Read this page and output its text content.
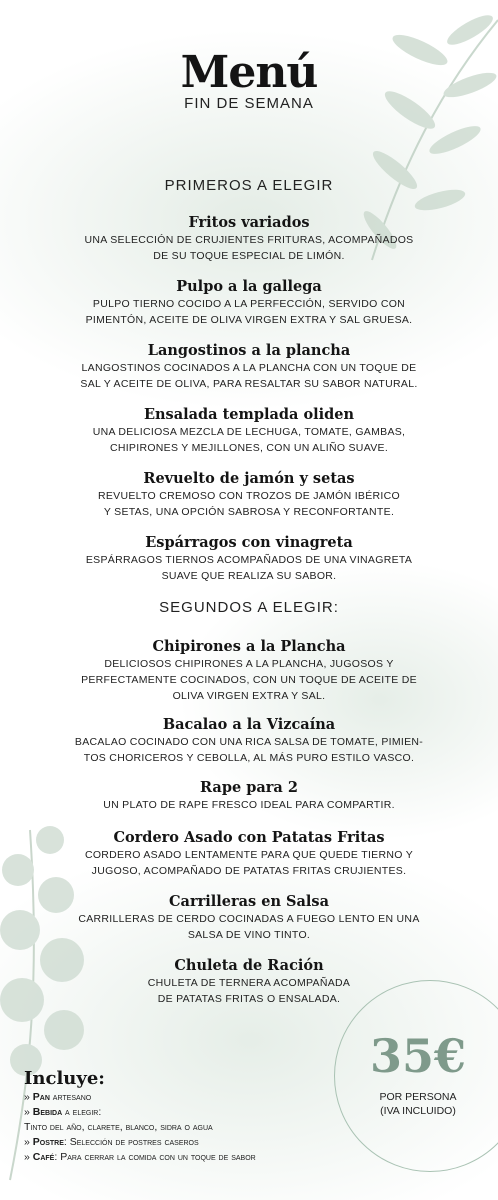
Menú
FIN DE SEMANA
PRIMEROS A ELEGIR
Fritos variados
UNA SELECCIÓN DE CRUJIENTES FRITURAS, ACOMPAÑADOS
DE SU TOQUE ESPECIAL DE LIMÓN.
Pulpo a la gallega
PULPO TIERNO COCIDO A LA PERFECCIÓN, SERVIDO CON
PIMENTÓN, ACEITE DE OLIVA VIRGEN EXTRA Y SAL GRUESA.
Langostinos a la plancha
LANGOSTINOS COCINADOS A LA PLANCHA CON UN TOQUE DE
SAL Y ACEITE DE OLIVA, PARA RESALTAR SU SABOR NATURAL.
Ensalada templada oliden
UNA DELICIOSA MEZCLA DE LECHUGA, TOMATE, GAMBAS,
CHIPIRONES Y MEJILLONES, CON UN ALIÑO SUAVE.
Revuelto de jamón y setas
REVUELTO CREMOSO CON TROZOS DE JAMÓN IBÉRICO
Y SETAS, UNA OPCIÓN SABROSA Y RECONFORTANTE.
Espárragos con vinagreta
ESPÁRRAGOS TIERNOS ACOMPAÑADOS DE UNA VINAGRETA
SUAVE QUE REALIZA SU SABOR.
SEGUNDOS A ELEGIR:
Chipirones a la Plancha
DELICIOSOS CHIPIRONES A LA PLANCHA, JUGOSOS Y
PERFECTAMENTE COCINADOS, CON UN TOQUE DE ACEITE DE
OLIVA VIRGEN EXTRA Y SAL.
Bacalao a la Vizcaína
BACALAO COCINADO CON UNA RICA SALSA DE TOMATE, PIMIEN-
TOS CHORICEROS Y CEBOLLA, AL MÁS PURO ESTILO VASCO.
Rape para 2
UN PLATO DE RAPE FRESCO IDEAL PARA COMPARTIR.
Cordero Asado con Patatas Fritas
CORDERO ASADO LENTAMENTE PARA QUE QUEDE TIERNO Y
JUGOSO, ACOMPAÑADO DE PATATAS FRITAS CRUJIENTES.
Carrilleras en Salsa
CARRILLERAS DE CERDO COCINADAS A FUEGO LENTO EN UNA
SALSA DE VINO TINTO.
Chuleta de Ración
CHULETA DE TERNERA ACOMPAÑADA
DE PATATAS FRITAS O ENSALADA.
35€
POR PERSONA
(IVA INCLUIDO)
Incluye:
» Pan artesano
» Bebida a elegir:
Tinto del año, clarete, blanco, sidra o agua
» Postre: Selección de postres caseros
» Café: Para cerrar la comida con un toque de sabor
